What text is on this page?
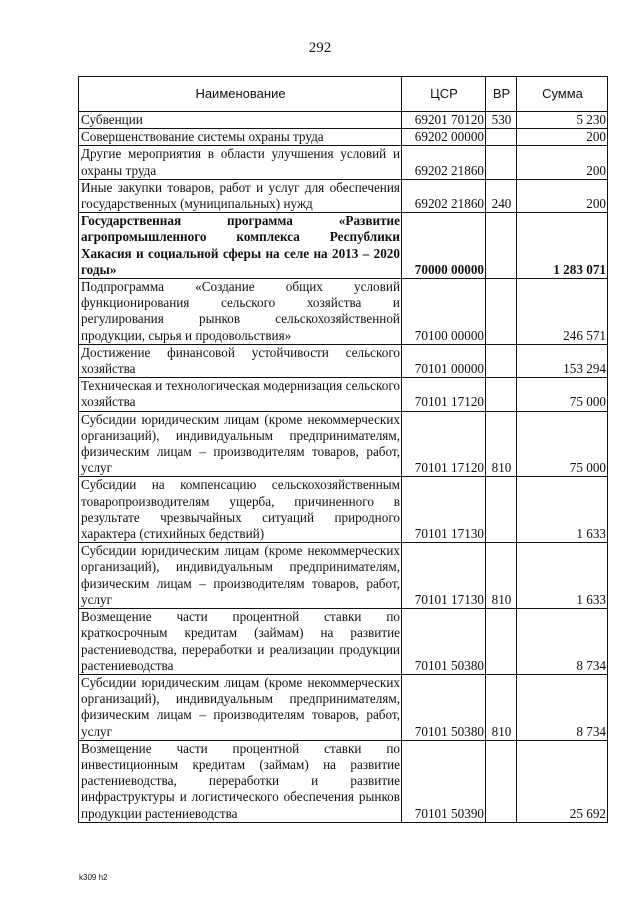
292
Наименование	ЦСР	ВР	Сумма
Субвенции	69201 70120	530	5 230
Совершенствование системы охраны труда	69202 00000		200
Другие мероприятия в области улучшения условий и охраны труда	69202 21860		200
Иные закупки товаров, работ и услуг для обеспечения государственных (муниципальных) нужд	69202 21860	240	200
Государственная программа «Развитие агропромышленного комплекса Республики Хакасия и социальной сферы на селе на 2013 – 2020 годы»	70000 00000		1 283 071
Подпрограмма «Создание общих условий функционирования сельского хозяйства и регулирования рынков сельскохозяйственной продукции, сырья и продовольствия»	70100 00000		246 571
Достижение финансовой устойчивости сельского хозяйства	70101 00000		153 294
Техническая и технологическая модернизация сельского хозяйства	70101 17120		75 000
Субсидии юридическим лицам (кроме некоммерческих организаций), индивидуальным предпринимателям, физическим лицам – производителям товаров, работ, услуг	70101 17120	810	75 000
Субсидии на компенсацию сельскохозяйственным товаропроизводителям ущерба, причиненного в результате чрезвычайных ситуаций природного характера (стихийных бедствий)	70101 17130		1 633
Субсидии юридическим лицам (кроме некоммерческих организаций), индивидуальным предпринимателям, физическим лицам – производителям товаров, работ, услуг	70101 17130	810	1 633
Возмещение части процентной ставки по краткосрочным кредитам (займам) на развитие растениеводства, переработки и реализации продукции растениеводства	70101 50380		8 734
Субсидии юридическим лицам (кроме некоммерческих организаций), индивидуальным предпринимателям, физическим лицам – производителям товаров, работ, услуг	70101 50380	810	8 734
Возмещение части процентной ставки по инвестиционным кредитам (займам) на развитие растениеводства, переработки и развитие инфраструктуры и логистического обеспечения рынков продукции растениеводства	70101 50390		25 692
k309 h2
